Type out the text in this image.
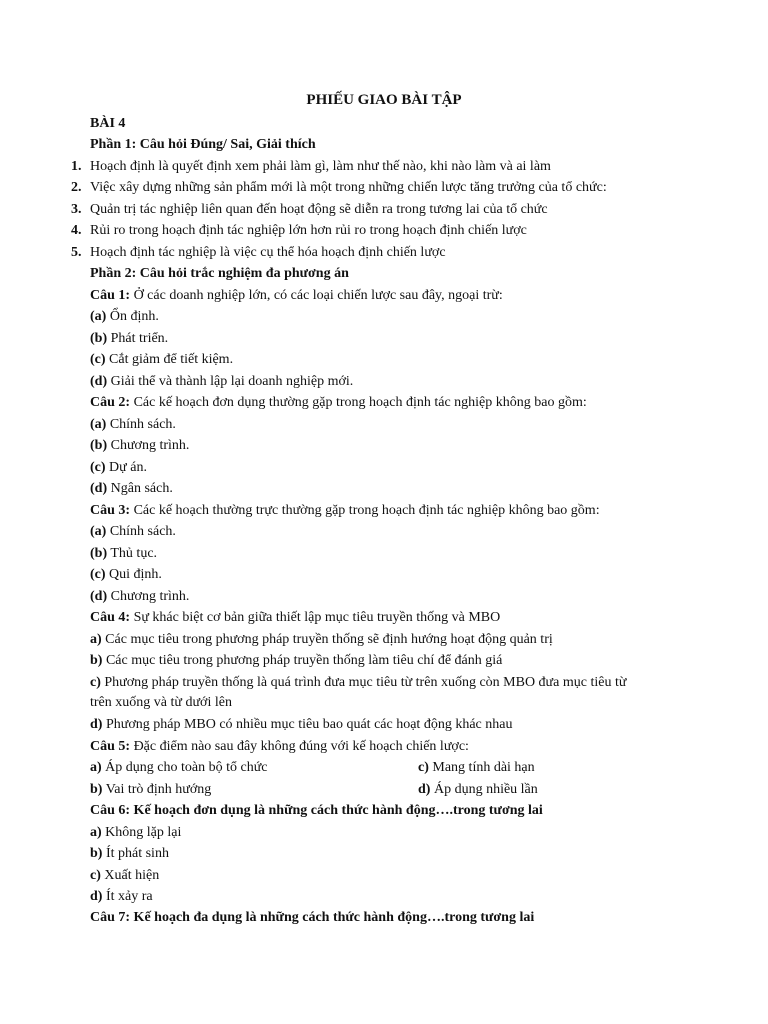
PHIẾU GIAO BÀI TẬP
BÀI 4
Phần 1: Câu hỏi Đúng/ Sai, Giải thích
1. Hoạch định là quyết định xem phải làm gì, làm như thế nào, khi nào làm và ai làm
2. Việc xây dựng những sản phẩm mới là một trong những chiến lược tăng trưởng của tổ chức:
3. Quản trị tác nghiệp liên quan đến hoạt động sẽ diễn ra trong tương lai của tổ chức
4. Rủi ro trong hoạch định tác nghiệp lớn hơn rủi ro trong hoạch định chiến lược
5. Hoạch định tác nghiệp là việc cụ thể hóa hoạch định chiến lược
Phần 2: Câu hỏi trắc nghiệm đa phương án
Câu 1: Ở các doanh nghiệp lớn, có các loại chiến lược sau đây, ngoại trừ:
(a) Ổn định.
(b) Phát triển.
(c) Cắt giảm để tiết kiệm.
(d) Giải thể và thành lập lại doanh nghiệp mới.
Câu 2: Các kế hoạch đơn dụng thường gặp trong hoạch định tác nghiệp không bao gồm:
(a) Chính sách.
(b) Chương trình.
(c) Dự án.
(d) Ngân sách.
Câu 3: Các kế hoạch thường trực thường gặp trong hoạch định tác nghiệp không bao gồm:
(a) Chính sách.
(b) Thủ tục.
(c) Qui định.
(d) Chương trình.
Câu 4: Sự khác biệt cơ bản giữa thiết lập mục tiêu truyền thống và MBO
a) Các mục tiêu trong phương pháp truyền thống sẽ định hướng hoạt động quản trị
b) Các mục tiêu trong phương pháp truyền thống làm tiêu chí để đánh giá
c) Phương pháp truyền thống là quá trình đưa mục tiêu từ trên xuống còn MBO đưa mục tiêu từ
trên xuống và từ dưới lên
d) Phương pháp MBO có nhiều mục tiêu bao quát các hoạt động khác nhau
Câu 5: Đặc điểm nào sau đây không đúng với kế hoạch chiến lược:
a) Áp dụng cho toàn bộ tổ chức	c) Mang tính dài hạn
b) Vai trò định hướng	d) Áp dụng nhiều lần
Câu 6: Kế hoạch đơn dụng là những cách thức hành động….trong tương lai
a) Không lặp lại
b) Ít phát sinh
c) Xuất hiện
d) Ít xảy ra
Câu 7: Kế hoạch đa dụng là những cách thức hành động….trong tương lai
